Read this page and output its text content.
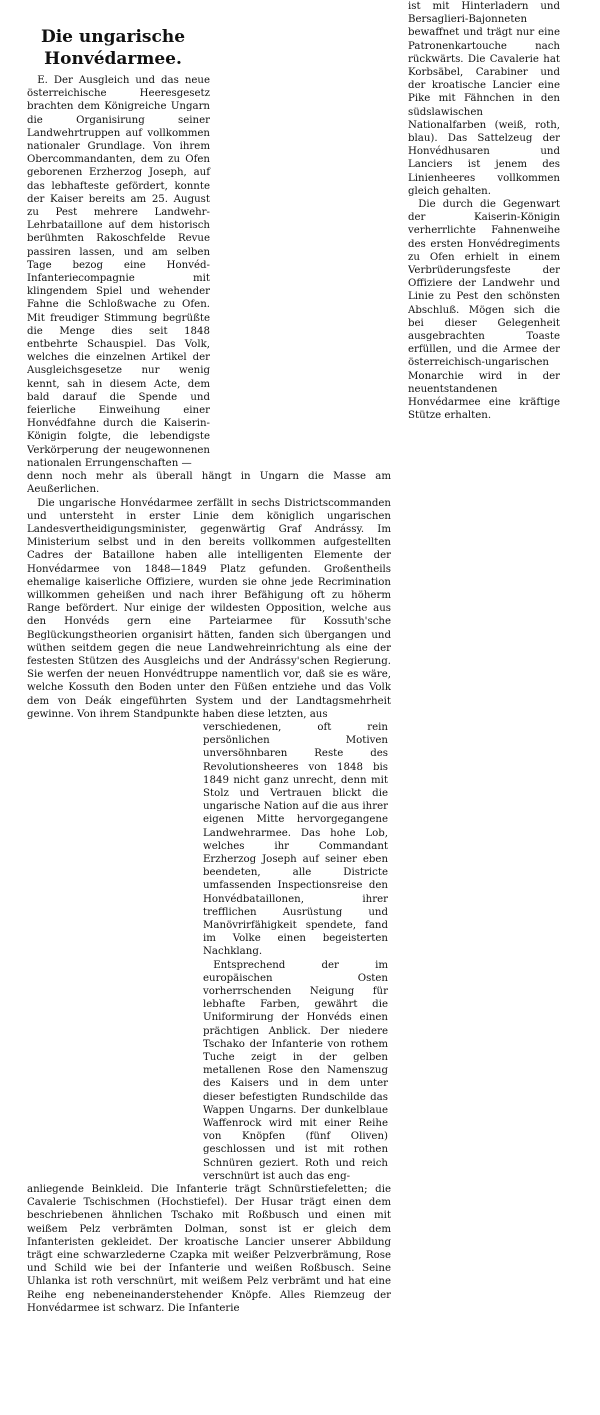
Die ungarische
Honvédarmee.

E. Der Ausgleich und das neue österreichische Heeresgesetz brachten dem Königreiche Ungarn die Organisirung seiner Landwehrtruppen auf vollkommen nationaler Grundlage. Von ihrem Obercommandanten, dem zu Ofen geborenen Erzherzog Joseph, auf das lebhafteste gefördert, konnte der Kaiser bereits am 25. August zu Pest mehrere Landwehr-Lehrbataillone auf dem historisch berühmten Rakoschfelde Revue passiren lassen, und am selben Tage bezog eine Honvéd-Infanteriecompagnie mit klingendem Spiel und wehender Fahne die Schloßwache zu Ofen. Mit freudiger Stimmung begrüßte die Menge dies seit 1848 entbehrte Schauspiel. Das Volk, welches die einzelnen Artikel der Ausgleichsgesetze nur wenig kennt, sah in diesem Acte, dem bald darauf die Spende und feierliche Einweihung einer Honvédfahne durch die Kaiserin-Königin folgte, die lebendigste Verkörperung der neugewonnenen nationalen Errungenschaften —

denn noch mehr als überall hängt in Ungarn die Masse am Aeußerlichen.

Die ungarische Honvédarmee zerfällt in sechs Districtscommanden und untersteht in erster Linie dem königlich ungarischen Landesvertheidigungsminister, gegenwärtig Graf Andrássy. Im Ministerium selbst und in den bereits vollkommen aufgestellten Cadres der Bataillone haben alle intelligenten Elemente der Honvédarmee von 1848—1849 Platz gefunden. Großentheils ehemalige kaiserliche Offiziere, wurden sie ohne jede Recrimination willkommen geheißen und nach ihrer Befähigung oft zu höherm Range befördert. Nur einige der wildesten Opposition, welche aus den Honvéds gern eine Parteiarmee für Kossuth'sche Beglückungstheorien organisirt hätten, fanden sich übergangen und wüthen seitdem gegen die neue Landwehreinrichtung als eine der festesten Stützen des Ausgleichs und der Andrássy'schen Regierung. Sie werfen der neuen Honvédtruppe namentlich vor, daß sie es wäre, welche Kossuth den Boden unter den Füßen entziehe und das Volk dem von Deák eingeführten System und der Landtagsmehrheit gewinne. Von ihrem Standpunkte haben diese letzten, aus

verschiedenen, oft rein persönlichen Motiven unversöhnbaren Reste des Revolutionsheeres von 1848 bis 1849 nicht ganz unrecht, denn mit Stolz und Vertrauen blickt die ungarische Nation auf die aus ihrer eigenen Mitte hervorgegangene Landwehrarmee. Das hohe Lob, welches ihr Commandant Erzherzog Joseph auf seiner eben beendeten, alle Districte umfassenden Inspectionsreise den Honvédbataillonen, ihrer trefflichen Ausrüstung und Manövrirfähigkeit spendete, fand im Volke einen begeisterten Nachklang.

Entsprechend der im europäischen Osten vorherrschenden Neigung für lebhafte Farben, gewährt die Uniformirung der Honvéds einen prächtigen Anblick. Der niedere Tschako der Infanterie von rothem Tuche zeigt in der gelben metallenen Rose den Namenszug des Kaisers und in dem unter dieser befestigten Rundschilde das Wappen Ungarns. Der dunkelblaue Waffenrock wird mit einer Reihe von Knöpfen (fünf Oliven) geschlossen und ist mit rothen Schnüren geziert. Roth und reich verschnürt ist auch das eng-

anliegende Beinkleid. Die Infanterie trägt Schnürstiefeletten; die Cavalerie Tschischmen (Hochstiefel). Der Husar trägt einen dem beschriebenen ähnlichen Tschako mit Roßbusch und einen mit weißem Pelz verbrämten Dolman, sonst ist er gleich dem Infanteristen gekleidet. Der kroatische Lancier unserer Abbildung trägt eine schwarzlederne Czapka mit weißer Pelzverbrämung, Rose und Schild wie bei der Infanterie und weißen Roßbusch. Seine Uhlanka ist roth verschnürt, mit weißem Pelz verbrämt und hat eine Reihe eng nebeneinanderstehender Knöpfe. Alles Riemzeug der Honvédarmee ist schwarz. Die Infanterie

ist mit Hinterladern und Bersaglieri-Bajonneten bewaffnet und trägt nur eine Patronenkartouche nach rückwärts. Die Cavalerie hat Korbsäbel, Carabiner und der kroatische Lancier eine Pike mit Fähnchen in den südslawischen Nationalfarben (weiß, roth, blau). Das Sattelzeug der Honvédhusaren und Lanciers ist jenem des Linienheeres vollkommen gleich gehalten.

Die durch die Gegenwart der Kaiserin-Königin verherrlichte Fahnenweihe des ersten Honvédregiments zu Ofen erhielt in einem Verbrüderungsfeste der Offiziere der Landwehr und Linie zu Pest den schönsten Abschluß. Mögen sich die bei dieser Gelegenheit ausgebrachten Toaste erfüllen, und die Armee der österreichisch-ungarischen Monarchie wird in der neuentstandenen Honvédarmee eine kräftige Stütze erhalten.
